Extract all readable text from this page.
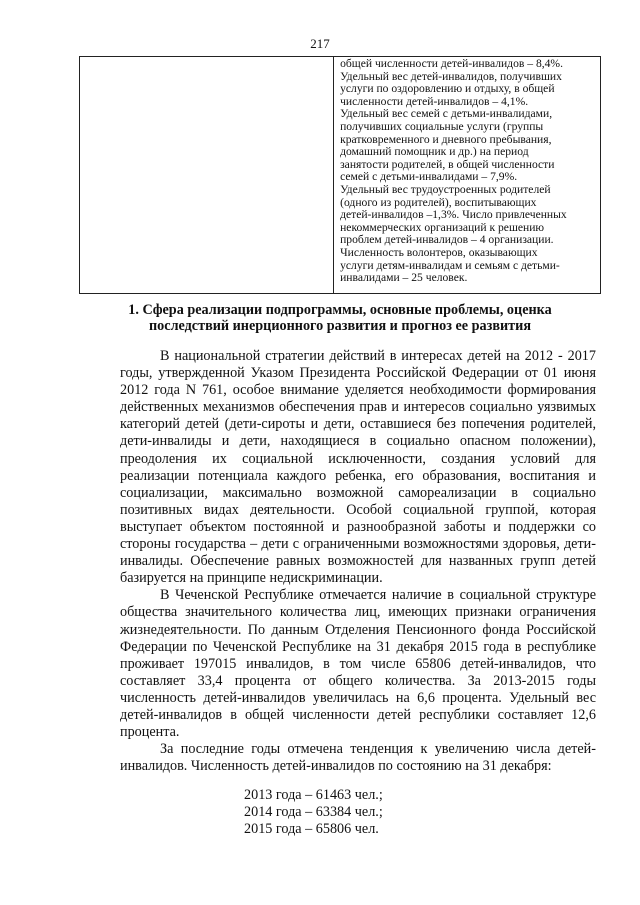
217

общей численности детей-инвалидов – 8,4%.
Удельный вес детей-инвалидов, получивших
услуги по оздоровлению и отдыху, в общей
численности детей-инвалидов – 4,1%.
Удельный вес семей с детьми-инвалидами,
получивших социальные услуги (группы
кратковременного и дневного пребывания,
домашний помощник и др.) на период
занятости родителей, в общей численности
семей с детьми-инвалидами – 7,9%.
Удельный вес трудоустроенных родителей
(одного из родителей), воспитывающих
детей-инвалидов –1,3%. Число привлеченных
некоммерческих организаций к решению
проблем детей-инвалидов – 4 организации.
Численность волонтеров, оказывающих
услуги детям-инвалидам и семьям с детьми-
инвалидами – 25 человек.
1. Сфера реализации подпрограммы, основные проблемы, оценка
последствий инерционного развития и прогноз ее развития

В национальной стратегии действий в интересах детей на 2012 - 2017 годы, утвержденной Указом Президента Российской Федерации от 01 июня 2012 года N 761, особое внимание уделяется необходимости формирования действенных механизмов обеспечения прав и интересов социально уязвимых категорий детей (дети-сироты и дети, оставшиеся без попечения родителей, дети-инвалиды и дети, находящиеся в социально опасном положении), преодоления их социальной исключенности, создания условий для реализации потенциала каждого ребенка, его образования, воспитания и социализации, максимально возможной самореализации в социально позитивных видах деятельности. Особой социальной группой, которая выступает объектом постоянной и разнообразной заботы и поддержки со стороны государства – дети с ограниченными возможностями здоровья, дети-инвалиды. Обеспечение равных возможностей для названных групп детей базируется на принципе недискриминации.

В Чеченской Республике отмечается наличие в социальной структуре общества значительного количества лиц, имеющих признаки ограничения жизнедеятельности. По данным Отделения Пенсионного фонда Российской Федерации по Чеченской Республике на 31 декабря 2015 года в республике проживает 197015 инвалидов, в том числе 65806 детей-инвалидов, что составляет 33,4 процента от общего количества. За 2013-2015 годы численность детей-инвалидов увеличилась на 6,6 процента. Удельный вес детей-инвалидов в общей численности детей республики составляет 12,6 процента.

За последние годы отмечена тенденция к увеличению числа детей-инвалидов. Численность детей-инвалидов по состоянию на 31 декабря:

2013 года – 61463 чел.;
2014 года – 63384 чел.;
2015 года – 65806 чел.
